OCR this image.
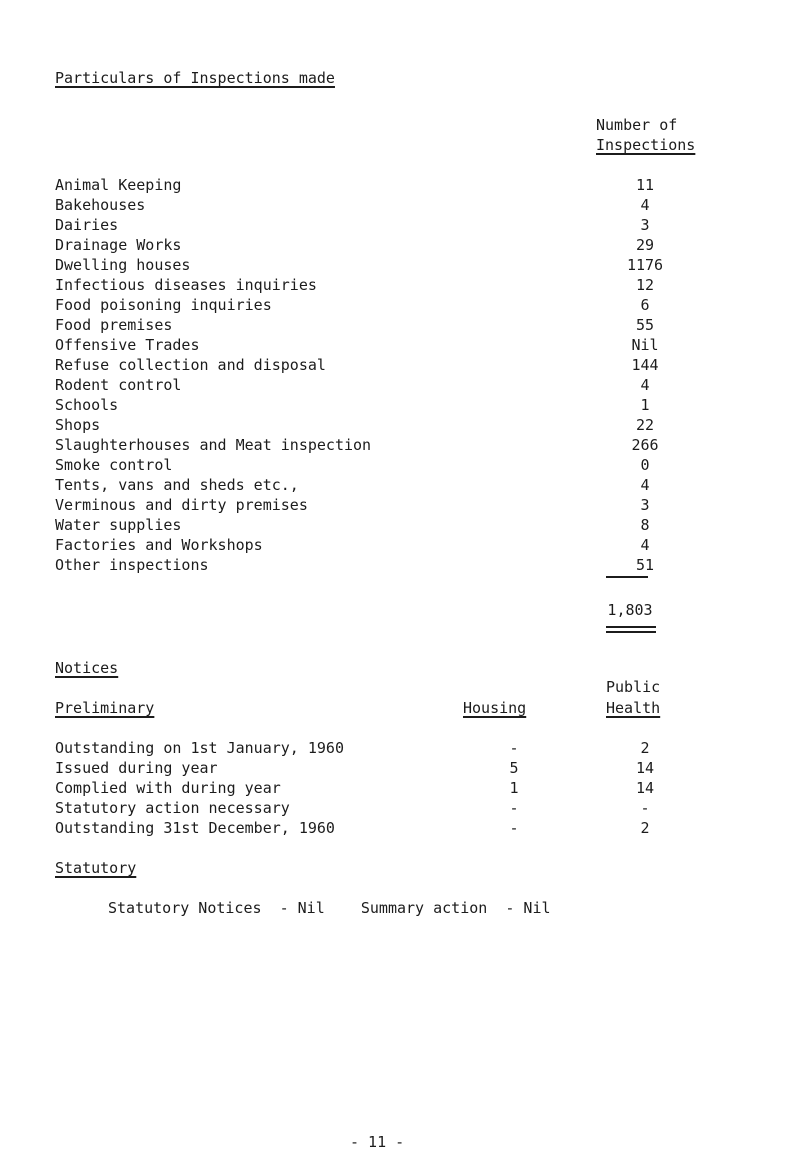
Particulars of Inspections made
Number of
Inspections
Animal Keeping	11
Bakehouses	4
Dairies	3
Drainage Works	29
Dwelling houses	1176
Infectious diseases inquiries	12
Food poisoning inquiries	6
Food premises	55
Offensive Trades	Nil
Refuse collection and disposal	144
Rodent control	4
Schools	1
Shops	22
Slaughterhouses and Meat inspection	266
Smoke control	0
Tents, vans and sheds etc.,	4
Verminous and dirty premises	3
Water supplies	8
Factories and Workshops	4
Other inspections	51
1,803
Notices
Public
Preliminary	Housing	Health
Outstanding on 1st January, 1960	-	2
Issued during year	5	14
Complied with during year	1	14
Statutory action necessary	-	-
Outstanding 31st December, 1960	-	2
Statutory
Statutory Notices  - Nil    Summary action  - Nil
- 11 -
